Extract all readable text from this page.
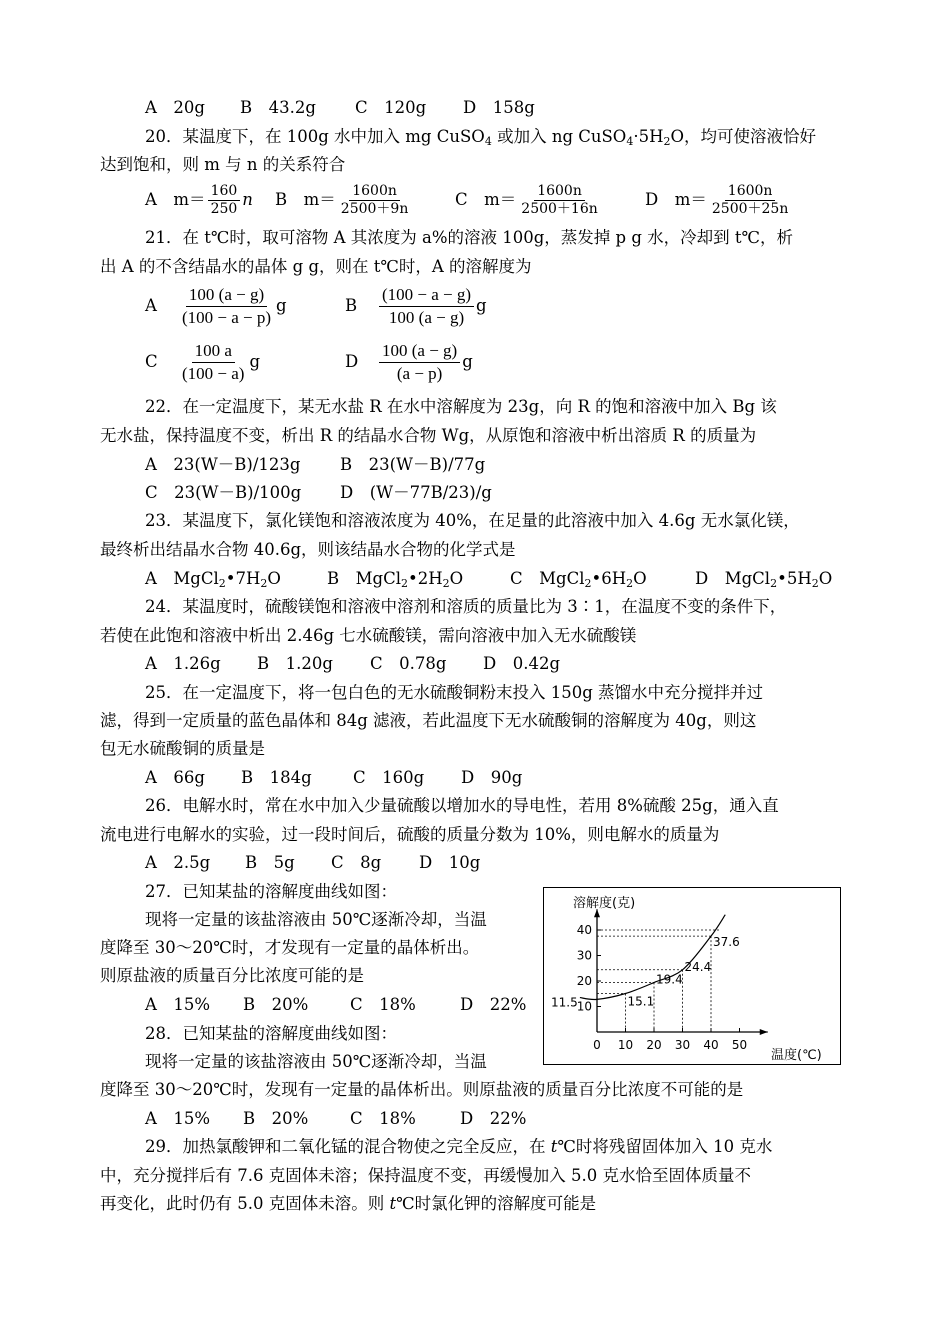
A　20g B　43.2g C　120g D　158g
20．某温度下，在 100g 水中加入 mg CuSO$_4$ 或加入 ng $CuSO_4\cdot 5H_2O$，均可使溶液恰好
达到饱和，则 m 与 n 的关系符合
A　$m= \frac{160}{250}$ n B　$m= \frac{1600n}{2500+9n}$	C　$m= \frac{1600n}{2500+16n}$	D　$m= \frac{1600n}{2500+25n}$
21．在 t℃时，取可溶物 A 其浓度为 a%的溶液 100g，蒸发掉 p g 水，冷却到 t℃，析
出 A 的不含结晶水的晶体 g g，则在 t℃时，A 的溶解度为
A $\frac{100 (a - g)}{(100 - a - p)}$ g	B $\frac{(100 - a - g)}{100 (a - g)}$ g
C $\frac{100 a}{(100 - a)}$ g	D $\frac{100 (a - g)}{(a - p)}$ g
22．在一定温度下，某无水盐 R 在水中溶解度为 23g，向 R 的饱和溶液中加入 Bg 该
无水盐，保持温度不变，析出 R 的结晶水合物 Wg，从原饱和溶液中析出溶质 R 的质量为
A　23(W－B)/123g B　23(W－B)/77g
C　23(W－B)/100g D　(W－77B/23)/g
23．某温度下，氯化镁饱和溶液浓度为 40%，在足量的此溶液中加入 4.6g 无水氯化镁，
最终析出结晶水合物 40.6g，则该结晶水合物的化学式是
A　$MgCl_2•7H_2O$	B　$MgCl_2•2H_2O$	C　$MgCl_2•6H_2O$	D　$MgCl_2•5H_2O$
24．某温度时，硫酸镁饱和溶液中溶剂和溶质的质量比为 3∶1，在温度不变的条件下，
若使在此饱和溶液中析出 2.46g 七水硫酸镁，需向溶液中加入无水硫酸镁
A　1.26g B　1.20g C　0.78g D　0.42g
25．在一定温度下，将一包白色的无水硫酸铜粉末投入 150g 蒸馏水中充分搅拌并过
滤，得到一定质量的蓝色晶体和 84g 滤液，若此温度下无水硫酸铜的溶解度为 40g，则这
包无水硫酸铜的质量是
A　66g B　184g	C　160g D　90g
26．电解水时，常在水中加入少量硫酸以增加水的导电性，若用 8%硫酸 25g，通入直
流电进行电解水的实验，过一段时间后，硫酸的质量分数为 10%，则电解水的质量为
A　2.5g B　5g C　8g D　10g
27．已知某盐的溶解度曲线如图：
现将一定量的该盐溶液由 50℃逐渐冷却，当温
度降至 30～20℃时，才发现有一定量的晶体析出。
则原盐液的质量百分比浓度可能的是
A　15% B　20%	C　18%	D　22%
28．已知某盐的溶解度曲线如图：
现将一定量的该盐溶液由 50℃逐渐冷却，当温
度降至 30～20℃时，发现有一定量的晶体析出。则原盐液的质量百分比浓度不可能的是
A　15% B　20%	C　18%	D　22%
29．加热氯酸钾和二氧化锰的混合物使之完全反应，在 t℃时将残留固体加入 10 克水
中，充分搅拌后有 7.6 克固体未溶；保持温度不变，再缓慢加入 5.0 克水恰至固体质量不
再变化，此时仍有 5.0 克固体未溶。则 t℃时氯化钾的溶解度可能是
0 10 20 30 40 50
10
20
30
40
11.5	15.1
19.4
24.4
37.6
溶解度(克)
温度(℃)
